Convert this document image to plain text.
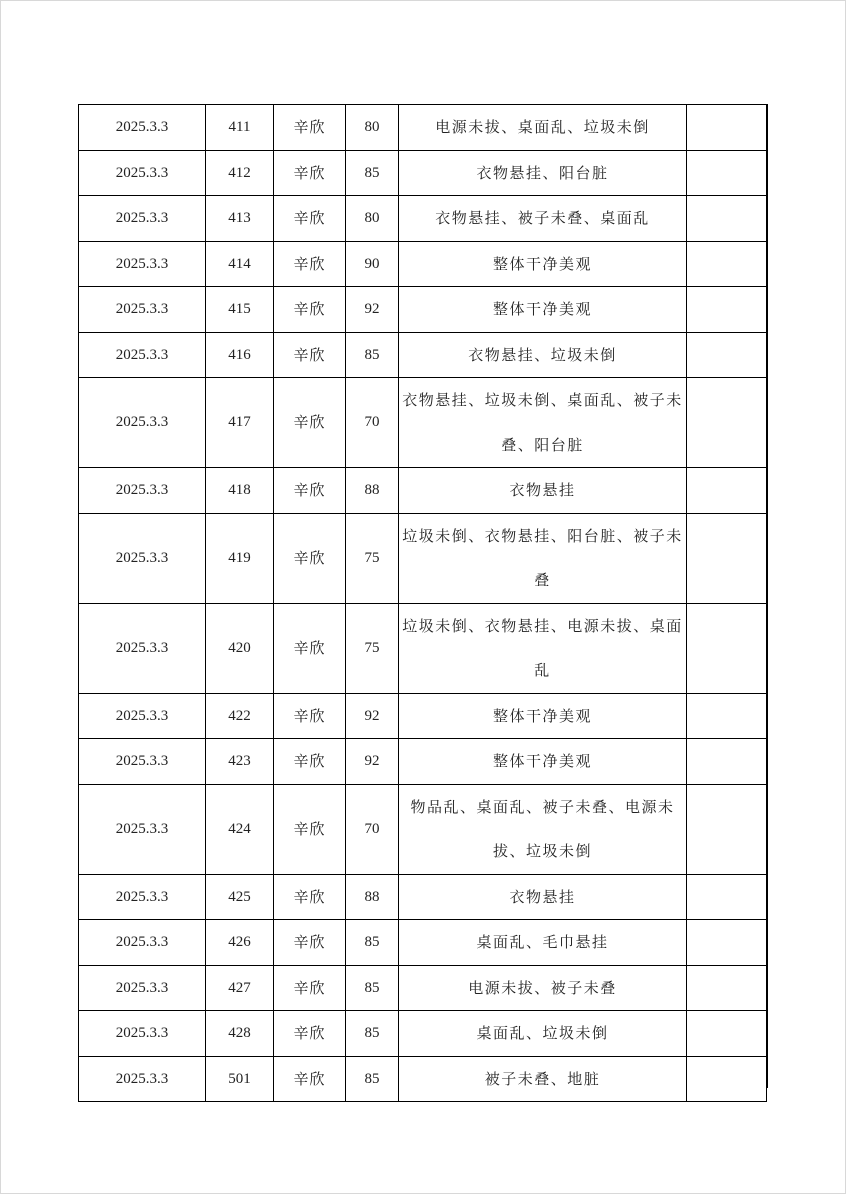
2025.3.3	411	辛欣	80	电源未拔、桌面乱、垃圾未倒	
2025.3.3	412	辛欣	85	衣物悬挂、阳台脏	
2025.3.3	413	辛欣	80	衣物悬挂、被子未叠、桌面乱	
2025.3.3	414	辛欣	90	整体干净美观	
2025.3.3	415	辛欣	92	整体干净美观	
2025.3.3	416	辛欣	85	衣物悬挂、垃圾未倒	
2025.3.3	417	辛欣	70	衣物悬挂、垃圾未倒、桌面乱、被子未叠、阳台脏	
2025.3.3	418	辛欣	88	衣物悬挂	
2025.3.3	419	辛欣	75	垃圾未倒、衣物悬挂、阳台脏、被子未叠	
2025.3.3	420	辛欣	75	垃圾未倒、衣物悬挂、电源未拔、桌面乱	
2025.3.3	422	辛欣	92	整体干净美观	
2025.3.3	423	辛欣	92	整体干净美观	
2025.3.3	424	辛欣	70	物品乱、桌面乱、被子未叠、电源未拔、垃圾未倒	
2025.3.3	425	辛欣	88	衣物悬挂	
2025.3.3	426	辛欣	85	桌面乱、毛巾悬挂	
2025.3.3	427	辛欣	85	电源未拔、被子未叠	
2025.3.3	428	辛欣	85	桌面乱、垃圾未倒	
2025.3.3	501	辛欣	85	被子未叠、地脏	
